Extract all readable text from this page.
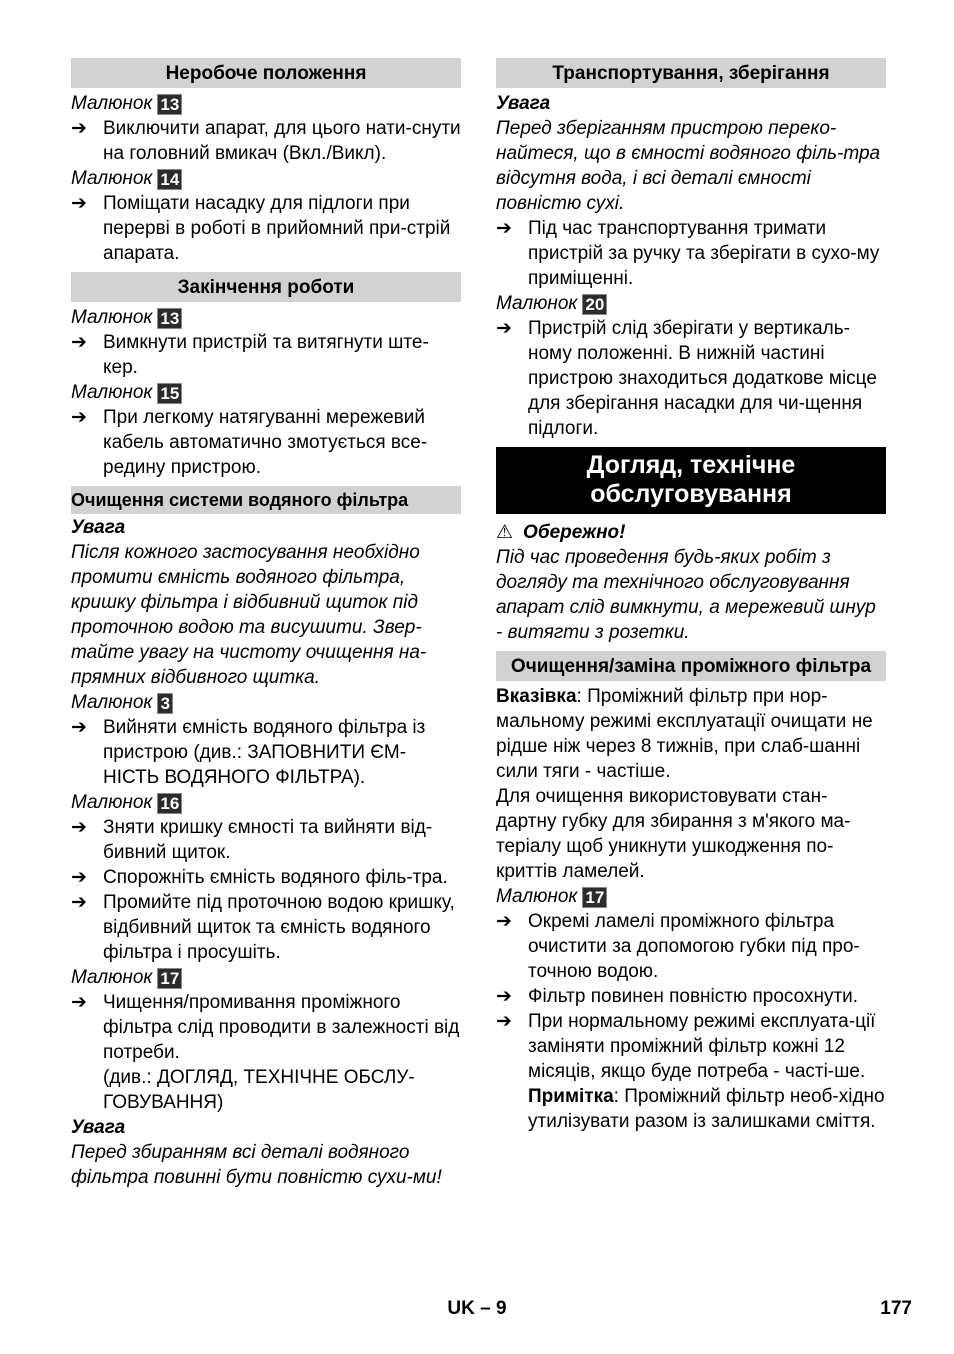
Неробоче положення

Малюнок 13

➔ Виключити апарат, для цього нати-снути на головний вмикач (Вкл./Викл).

Малюнок 14

➔ Поміщати насадку для підлоги при перерві в роботі в прийомний при-стрій апарата.

Закінчення роботи

Малюнок 13

➔ Вимкнути пристрій та витягнути ште-кер.

Малюнок 15

➔ При легкому натягуванні мережевий кабель автоматично змотується все-редину пристрою.

Очищення системи водяного фільтра

Увага

Після кожного застосування необхідно промити ємність водяного фільтра, кришку фільтра і відбивний щиток під проточною водою та висушити. Звер-тайте увагу на чистоту очищення на-прямних відбивного щитка.

Малюнок 3

➔ Вийняти ємність водяного фільтра із пристрою (див.: ЗАПОВНИТИ ЄМ-НІСТЬ ВОДЯНОГО ФІЛЬТРА).

Малюнок 16

➔ Зняти кришку ємності та вийняти від-бивний щиток.

➔ Спорожніть ємність водяного філь-тра.

➔ Промийте під проточною водою кришку, відбивний щиток та ємність водяного фільтра і просушіть.

Малюнок 17

➔ Чищення/промивання проміжного фільтра слід проводити в залежності від потреби.

(див.: ДОГЛЯД, ТЕХНІЧНЕ ОБСЛУ-ГОВУВАННЯ)

Увага

Перед збиранням всі деталі водяного фільтра повинні бути повністю сухи-ми!

Транспортування, зберігання

Увага

Перед зберіганням пристрою переко-найтеся, що в ємності водяного філь-тра відсутня вода, і всі деталі ємності повністю сухі.

➔ Під час транспортування тримати пристрій за ручку та зберігати в сухо-му приміщенні.

Малюнок 20

➔ Пристрій слід зберігати у вертикаль-ному положенні. В нижній частині пристрою знаходиться додаткове місце для зберігання насадки для чи-щення підлоги.

Догляд, технічне обслуговування

⚠ Обережно!

Під час проведення будь-яких робіт з догляду та технічного обслуговування апарат слід вимкнути, а мережевий шнур - витягти з розетки.

Очищення/заміна проміжного фільтра

Вказівка: Проміжний фільтр при нор-мальному режимі експлуатації очищати не рідше ніж через 8 тижнів, при слаб-шанні сили тяги - частіше.

Для очищення використовувати стан-дартну губку для збирання з м'якого ма-теріалу щоб уникнути ушкодження по-криттів ламелей.

Малюнок 17

➔ Окремі ламелі проміжного фільтра очистити за допомогою губки під про-точною водою.

➔ Фільтр повинен повністю просохнути.

➔ При нормальному режимі експлуата-ції заміняти проміжний фільтр кожні 12 місяців, якщо буде потреба - часті-ше.

Примітка: Проміжний фільтр необ-хідно утилізувати разом із залишками сміття.

UK – 9	177
